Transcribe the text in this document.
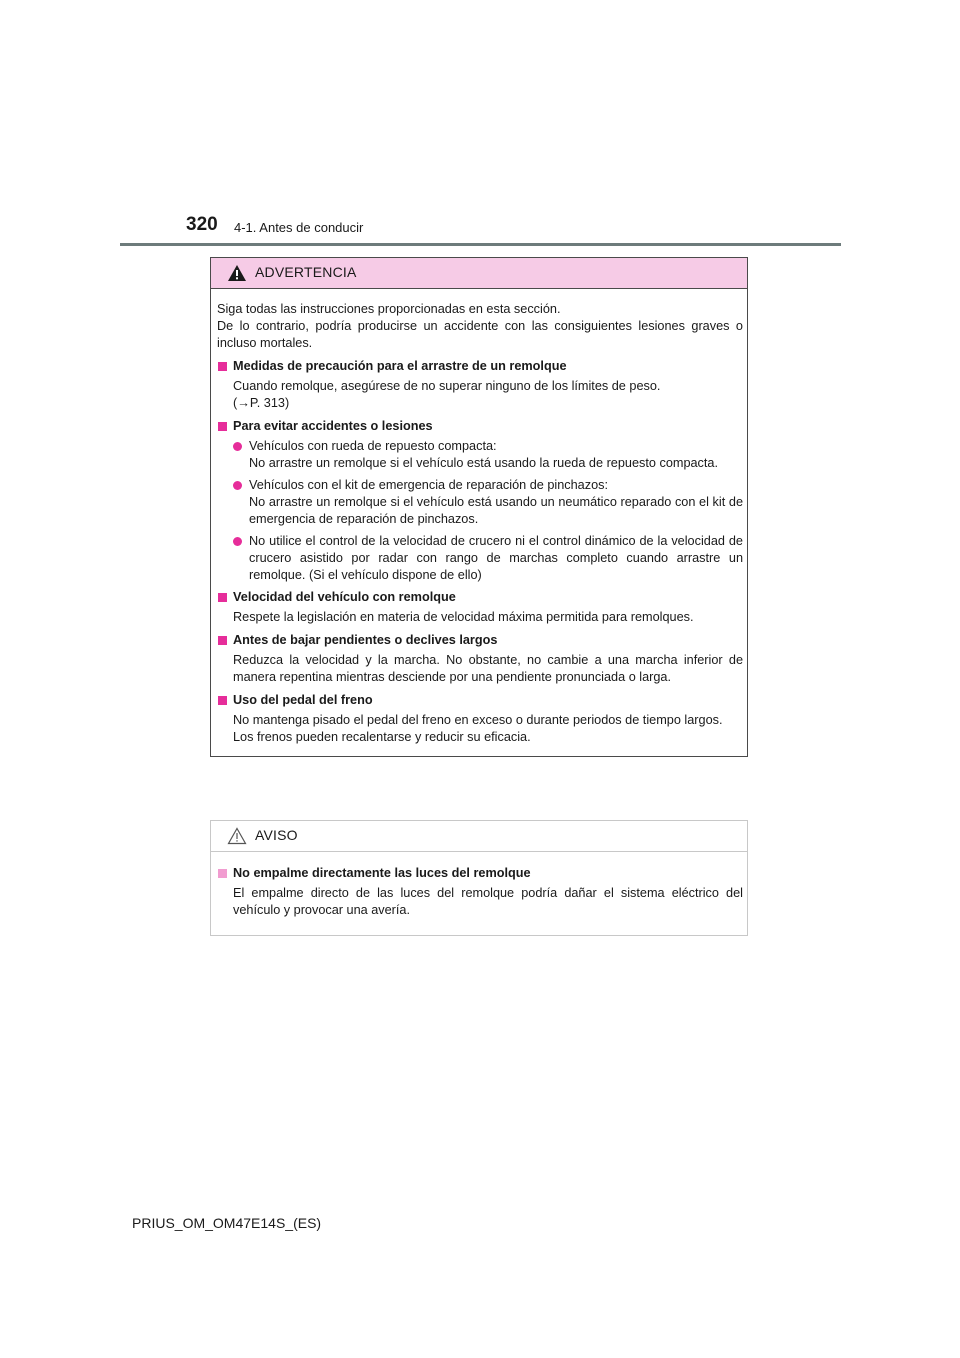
320 4-1. Antes de conducir
ADVERTENCIA

Siga todas las instrucciones proporcionadas en esta sección.
De lo contrario, podría producirse un accidente con las consiguientes lesiones graves o incluso mortales.

Medidas de precaución para el arrastre de un remolque

Cuando remolque, asegúrese de no superar ninguno de los límites de peso.
(→P. 313)

Para evitar accidentes o lesiones

Vehículos con rueda de repuesto compacta:
No arrastre un remolque si el vehículo está usando la rueda de repuesto compacta.
Vehículos con el kit de emergencia de reparación de pinchazos:
No arrastre un remolque si el vehículo está usando un neumático reparado con el kit de emergencia de reparación de pinchazos.
No utilice el control de la velocidad de crucero ni el control dinámico de la velocidad de crucero asistido por radar con rango de marchas completo cuando arrastre un remolque. (Si el vehículo dispone de ello)

Velocidad del vehículo con remolque

Respete la legislación en materia de velocidad máxima permitida para remolques.

Antes de bajar pendientes o declives largos

Reduzca la velocidad y la marcha. No obstante, no cambie a una marcha inferior de manera repentina mientras desciende por una pendiente pronunciada o larga.

Uso del pedal del freno

No mantenga pisado el pedal del freno en exceso o durante periodos de tiempo largos.
Los frenos pueden recalentarse y reducir su eficacia.

AVISO

No empalme directamente las luces del remolque

El empalme directo de las luces del remolque podría dañar el sistema eléctrico del vehículo y provocar una avería.

PRIUS_OM_OM47E14S_(ES)
